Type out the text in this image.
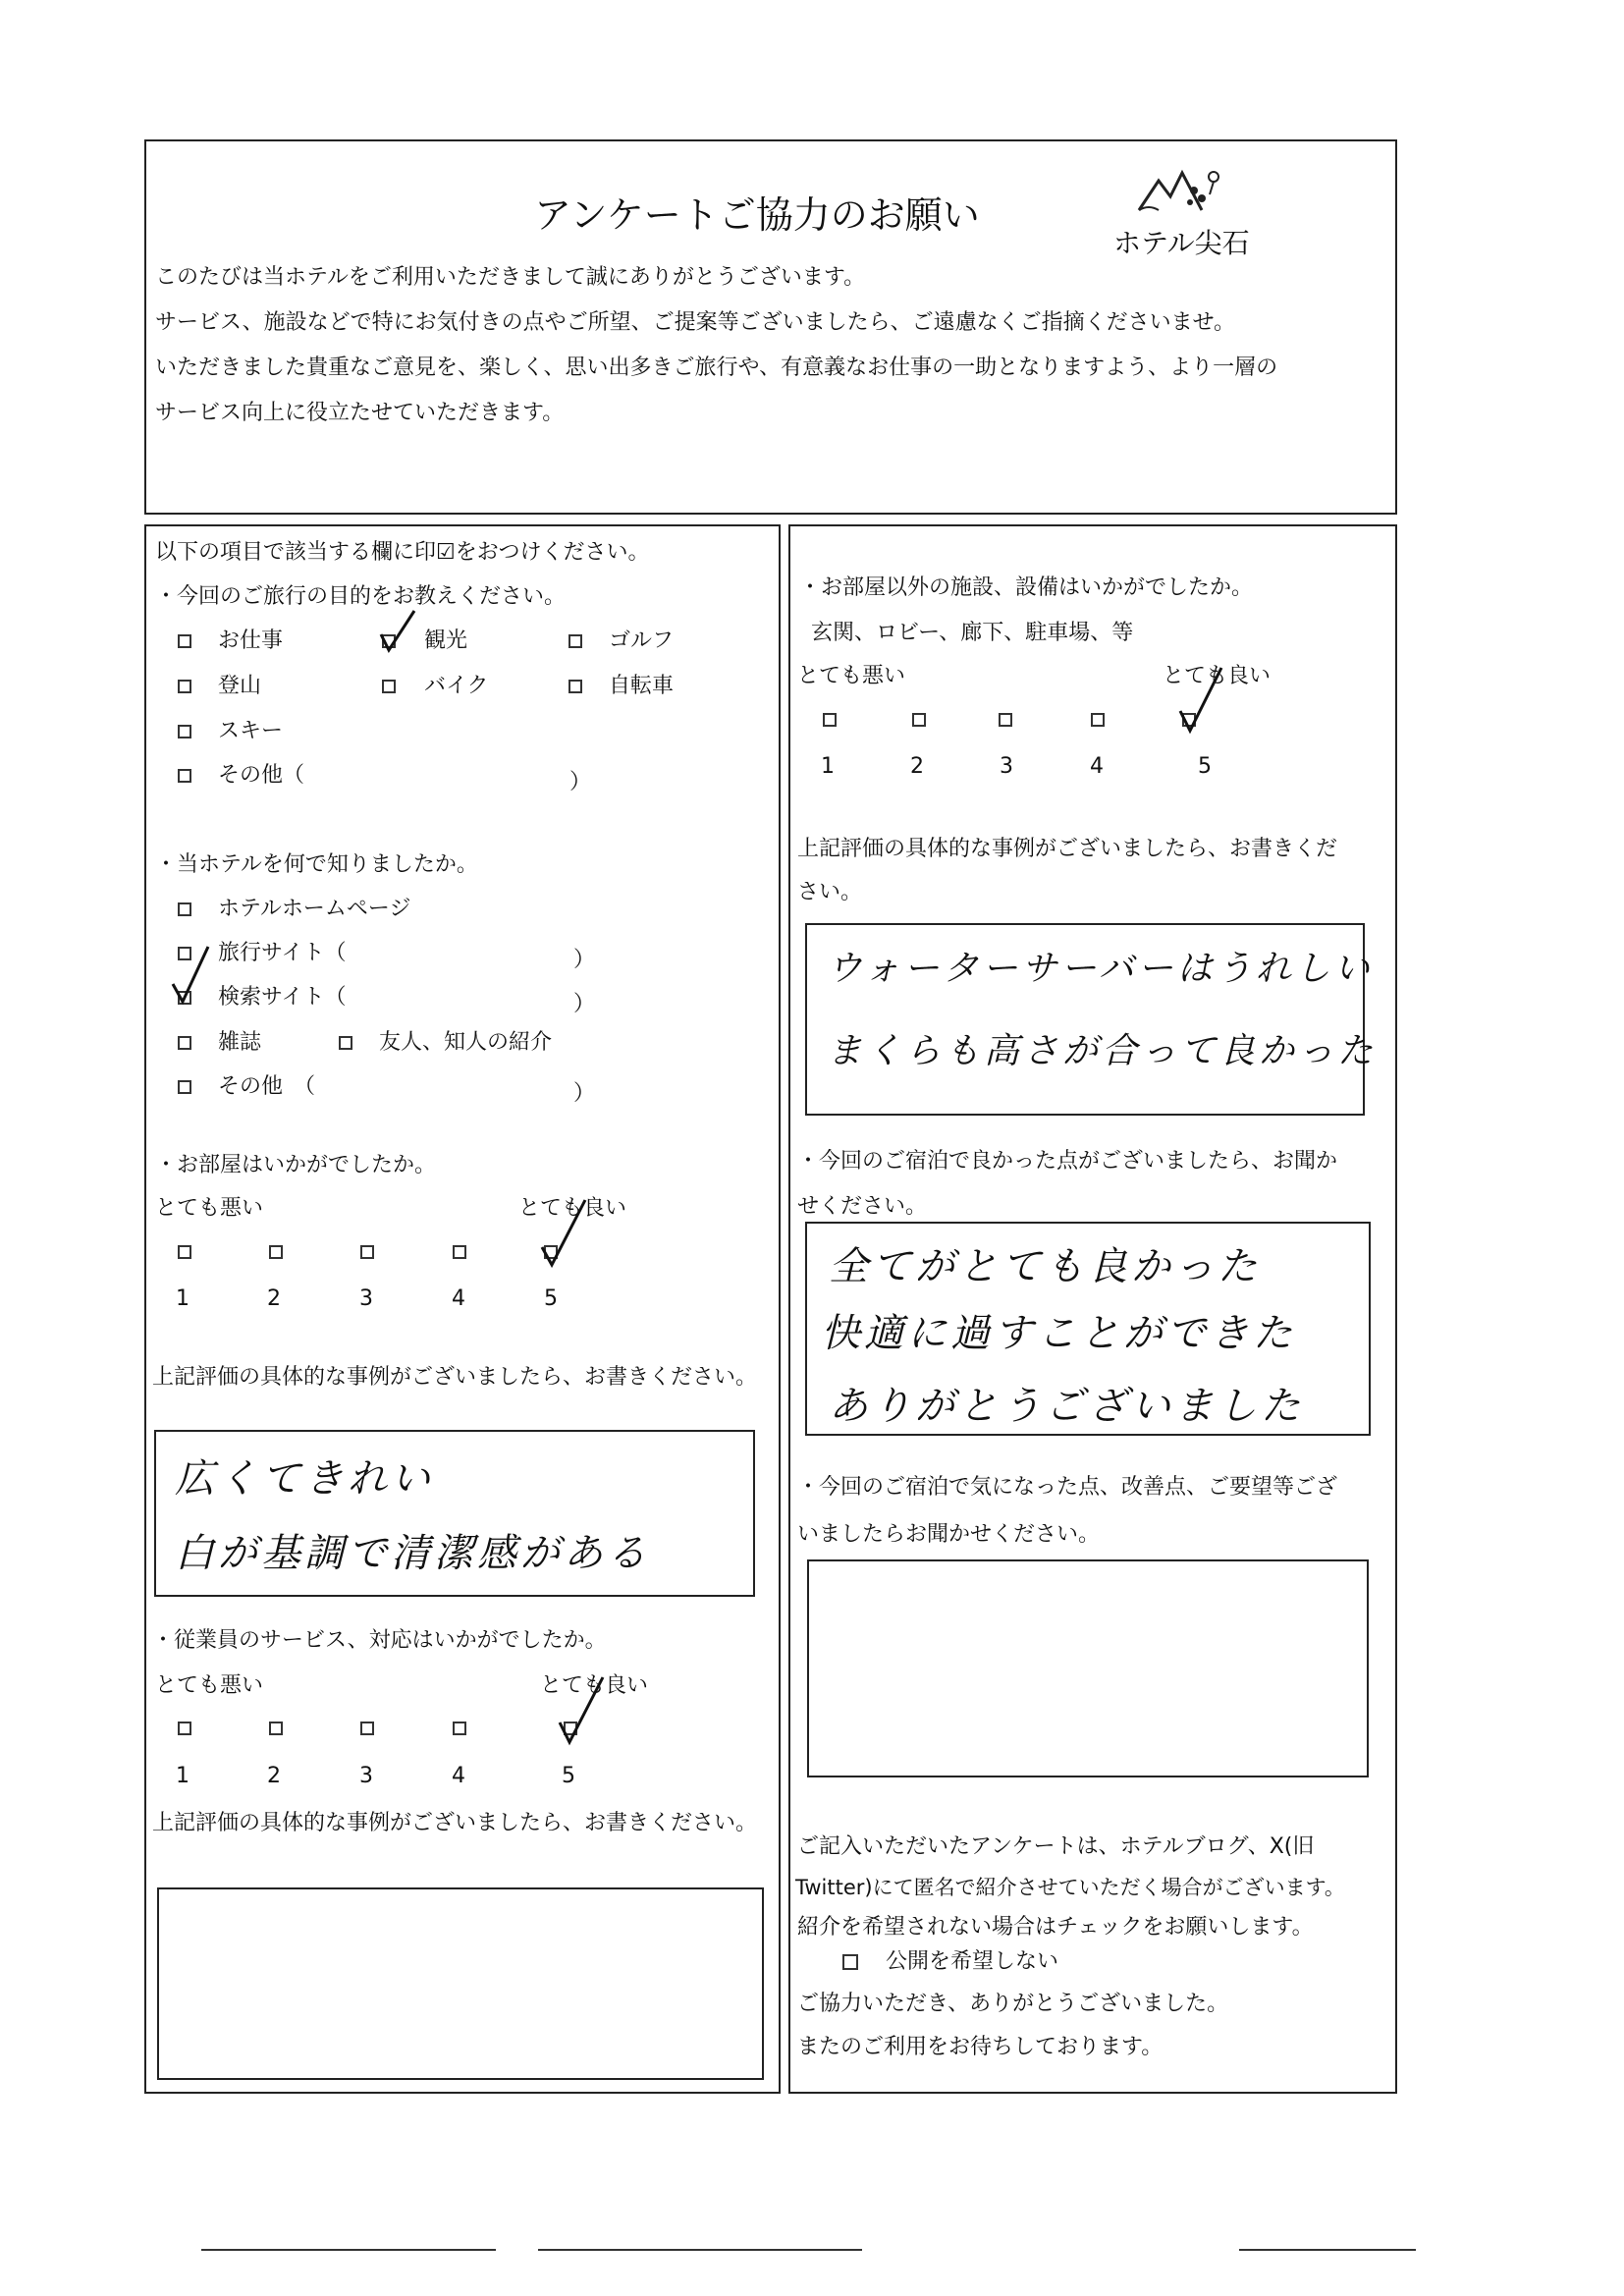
アンケートご協力のお願い
ホテル尖石
このたびは当ホテルをご利用いただきまして誠にありがとうございます。
サービス、施設などで特にお気付きの点やご所望、ご提案等ございましたら、ご遠慮なくご指摘くださいませ。
いただきました貴重なご意見を、楽しく、思い出多きご旅行や、有意義なお仕事の一助となりますよう、より一層の
サービス向上に役立たせていただきます。
以下の項目で該当する欄に印☑をおつけください。
・今回のご旅行の目的をお教えください。
お仕事	観光	ゴルフ
登山	バイク	自転車
スキー
その他（	）
・当ホテルを何で知りましたか。
ホテルホームページ
旅行サイト（	）
検索サイト（	）
雑誌	友人、知人の紹介
その他　（	）
・お部屋はいかがでしたか。
とても悪い	とても良い
1	2	3	4	5
上記評価の具体的な事例がございましたら、お書きください。
広くてきれい
白が基調で清潔感がある
・従業員のサービス、対応はいかがでしたか。
とても悪い	とても良い
1	2	3	4	5
上記評価の具体的な事例がございましたら、お書きください。
・お部屋以外の施設、設備はいかがでしたか。
玄関、ロビー、廊下、駐車場、等
とても悪い	とても良い
1	2	3	4	5
上記評価の具体的な事例がございましたら、お書きくだ
さい。
ウォーターサーバーはうれしい
まくらも高さが合って良かった
・今回のご宿泊で良かった点がございましたら、お聞か
せください。
全てがとても良かった
快適に過すことができた
ありがとうございました
・今回のご宿泊で気になった点、改善点、ご要望等ござ
いましたらお聞かせください。
ご記入いただいたアンケートは、ホテルブログ、X(旧
Twitter)にて匿名で紹介させていただく場合がございます。
紹介を希望されない場合はチェックをお願いします。
公開を希望しない
ご協力いただき、ありがとうございました。
またのご利用をお待ちしております。
